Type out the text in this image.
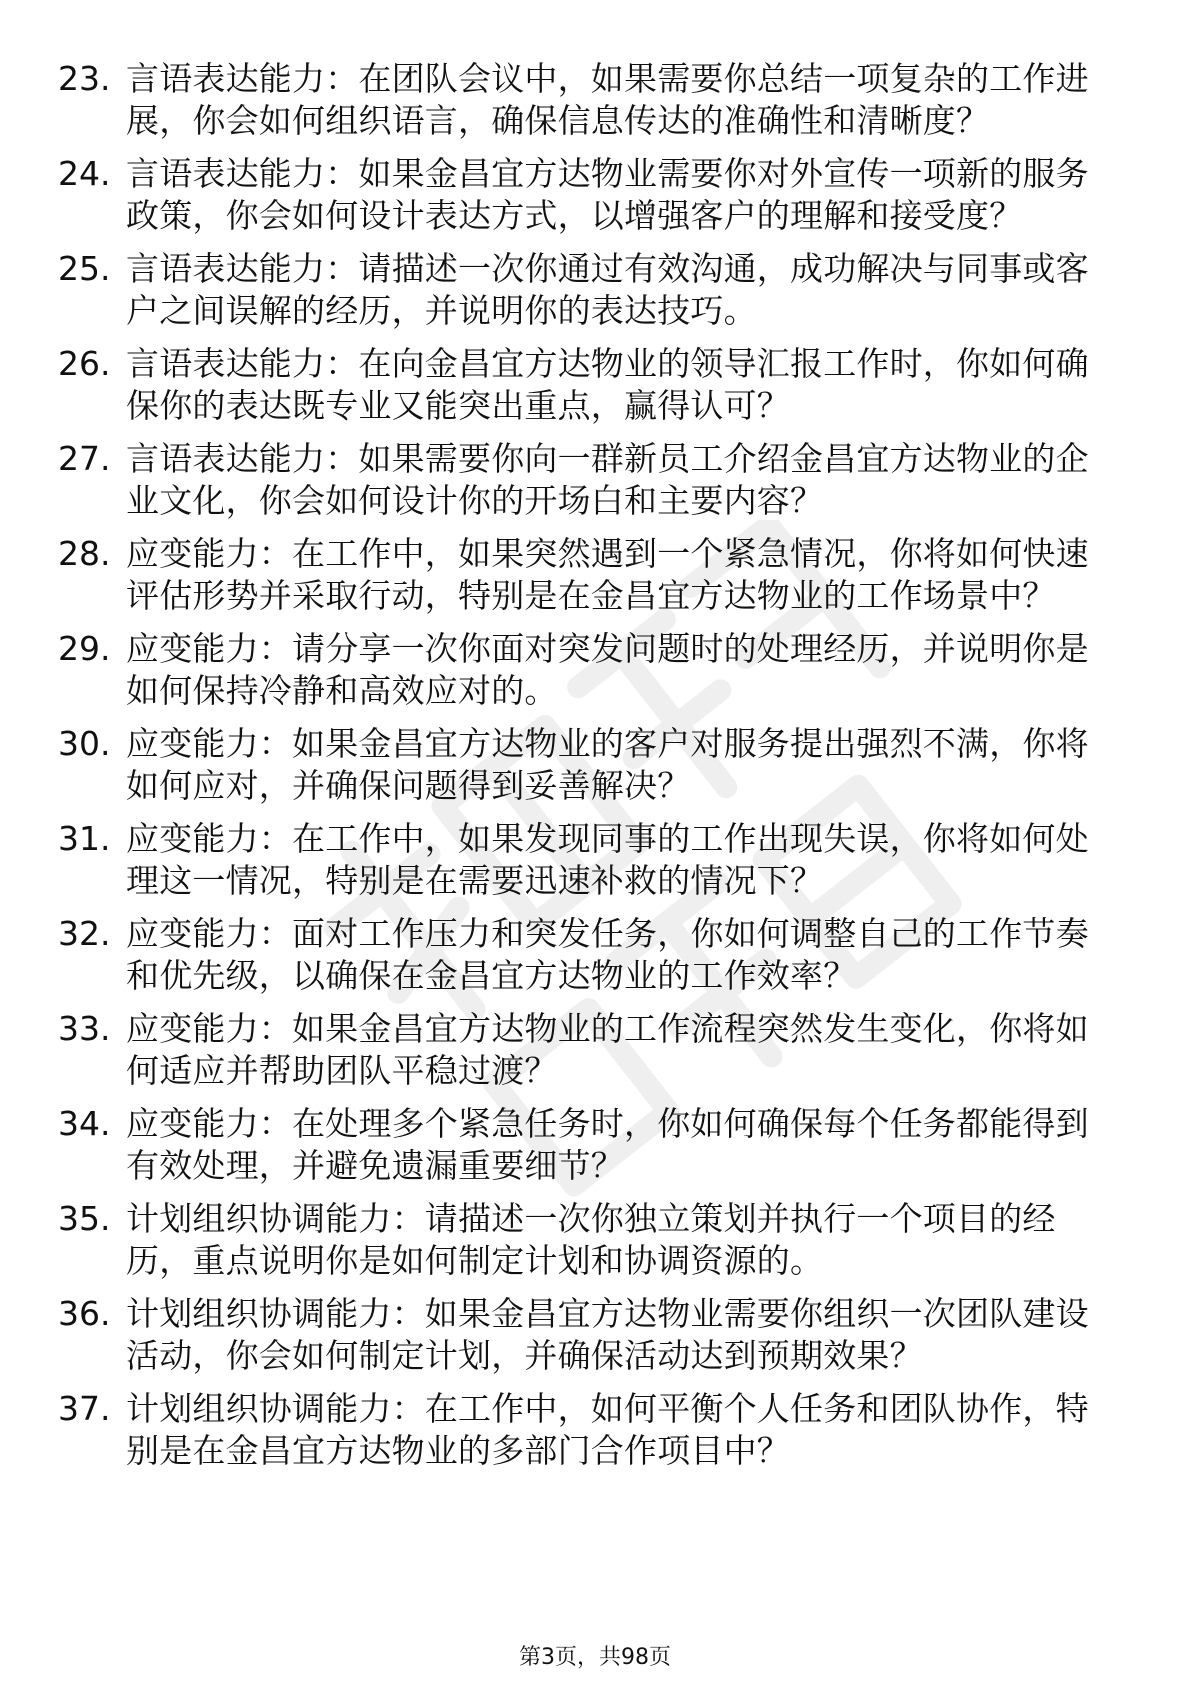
23. 言语表达能力：在团队会议中，如果需要你总结一项复杂的工作进展，你会如何组织语言，确保信息传达的准确性和清晰度？
24. 言语表达能力：如果金昌宜方达物业需要你对外宣传一项新的服务政策，你会如何设计表达方式，以增强客户的理解和接受度？
25. 言语表达能力：请描述一次你通过有效沟通，成功解决与同事或客户之间误解的经历，并说明你的表达技巧。
26. 言语表达能力：在向金昌宜方达物业的领导汇报工作时，你如何确保你的表达既专业又能突出重点，赢得认可？
27. 言语表达能力：如果需要你向一群新员工介绍金昌宜方达物业的企业文化，你会如何设计你的开场白和主要内容？
28. 应变能力：在工作中，如果突然遇到一个紧急情况，你将如何快速评估形势并采取行动，特别是在金昌宜方达物业的工作场景中？
29. 应变能力：请分享一次你面对突发问题时的处理经历，并说明你是如何保持冷静和高效应对的。
30. 应变能力：如果金昌宜方达物业的客户对服务提出强烈不满，你将如何应对，并确保问题得到妥善解决？
31. 应变能力：在工作中，如果发现同事的工作出现失误，你将如何处理这一情况，特别是在需要迅速补救的情况下？
32. 应变能力：面对工作压力和突发任务，你如何调整自己的工作节奏和优先级，以确保在金昌宜方达物业的工作效率？
33. 应变能力：如果金昌宜方达物业的工作流程突然发生变化，你将如何适应并帮助团队平稳过渡？
34. 应变能力：在处理多个紧急任务时，你如何确保每个任务都能得到有效处理，并避免遗漏重要细节？
35. 计划组织协调能力：请描述一次你独立策划并执行一个项目的经历，重点说明你是如何制定计划和协调资源的。
36. 计划组织协调能力：如果金昌宜方达物业需要你组织一次团队建设活动，你会如何制定计划，并确保活动达到预期效果？
37. 计划组织协调能力：在工作中，如何平衡个人任务和团队协作，特别是在金昌宜方达物业的多部门合作项目中？
第3页，共98页
